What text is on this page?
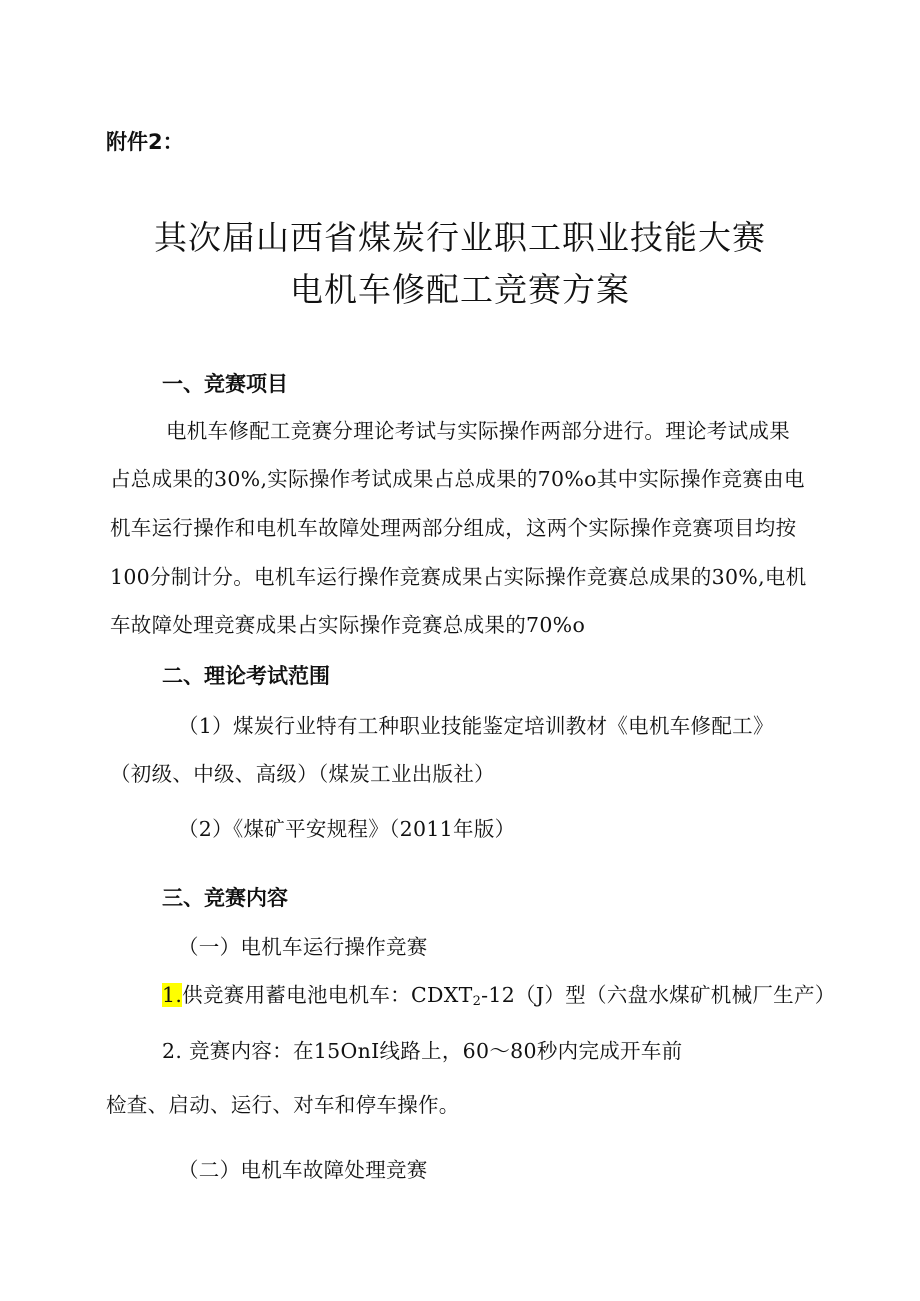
附件2：
其次届山西省煤炭行业职工职业技能大赛
电机车修配工竞赛方案
一、竞赛项目
电机车修配工竞赛分理论考试与实际操作两部分进行。理论考试成果
占总成果的30%,实际操作考试成果占总成果的70%o其中实际操作竞赛由电
机车运行操作和电机车故障处理两部分组成，这两个实际操作竞赛项目均按
100分制计分。电机车运行操作竞赛成果占实际操作竞赛总成果的30%,电机
车故障处理竞赛成果占实际操作竞赛总成果的70%o
二、理论考试范围
（1）煤炭行业特有工种职业技能鉴定培训教材《电机车修配工》
（初级、中级、高级）（煤炭工业出版社）
（2）《煤矿平安规程》（2011年版）
三、竞赛内容
（一）电机车运行操作竞赛
1.供竞赛用蓄电池电机车：$CDXT_2-12(J)$型（六盘水煤矿机械厂生产）
2. 竞赛内容：在15OnI线路上，60～80秒内完成开车前
检查、启动、运行、对车和停车操作。
（二）电机车故障处理竞赛
